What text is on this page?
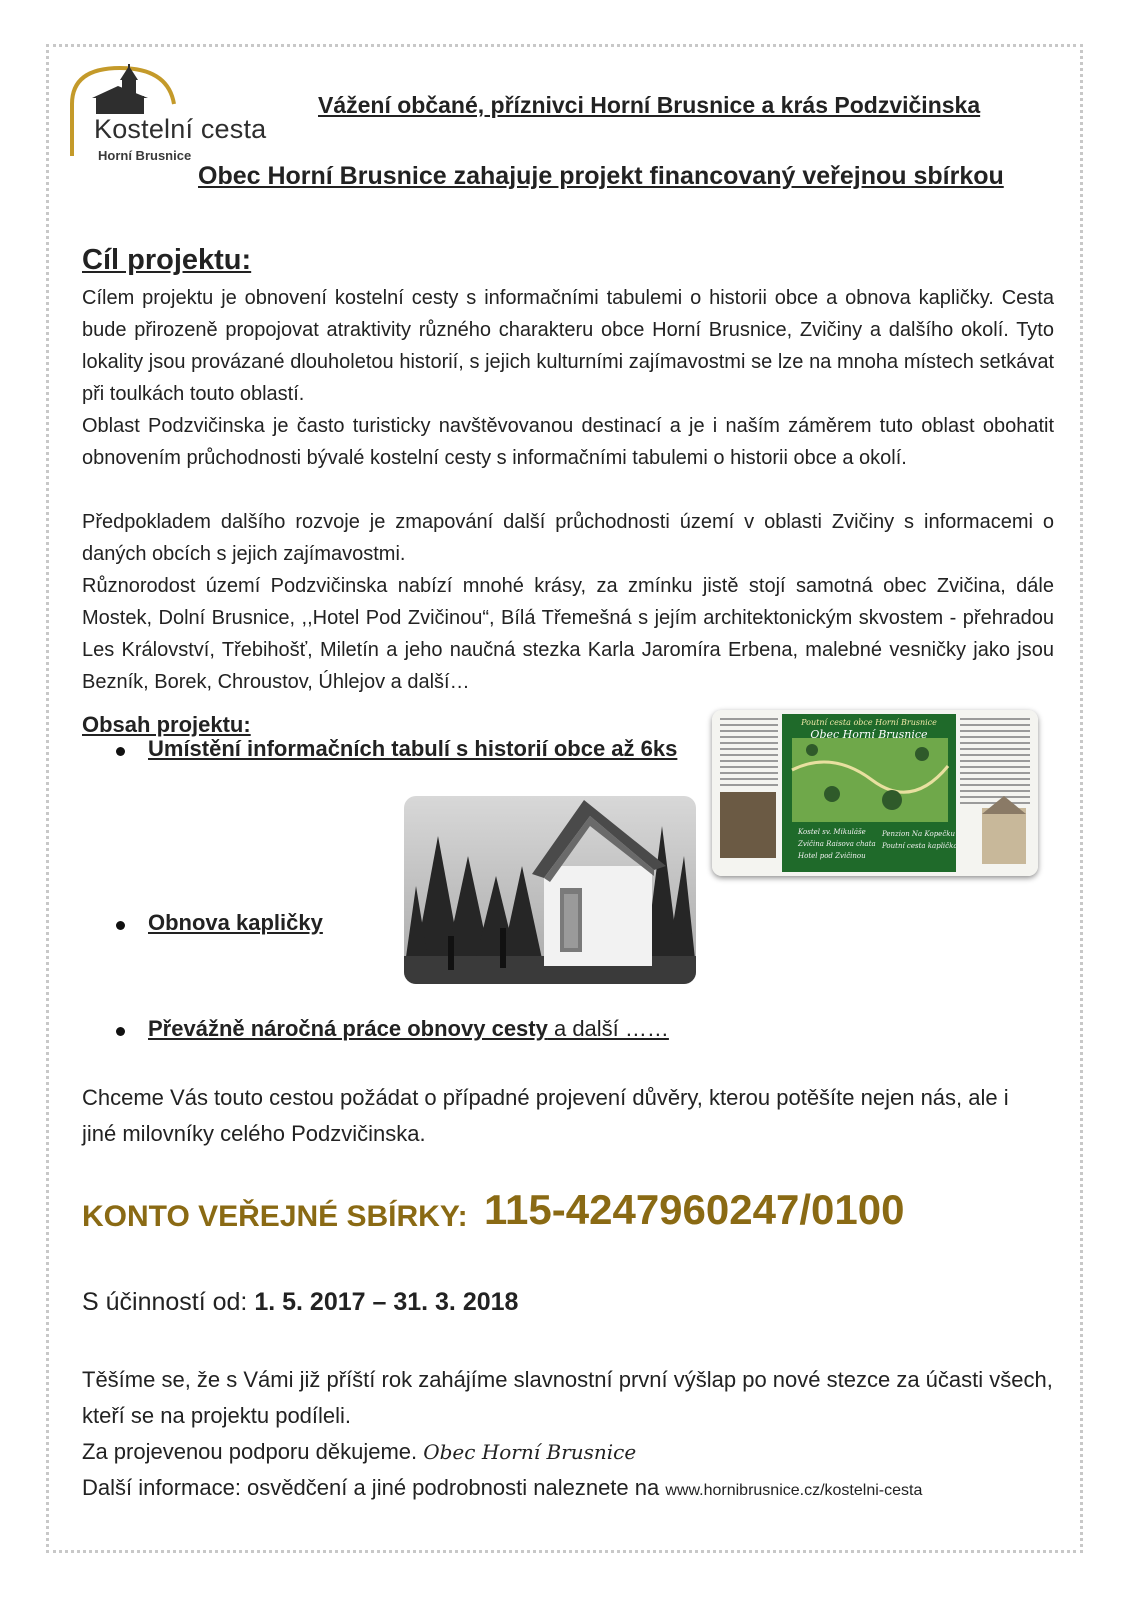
Kostelní cesta
Horní Brusnice
Vážení občané, příznivci Horní Brusnice a krás Podzvičinska
Obec Horní Brusnice zahajuje projekt financovaný veřejnou sbírkou
Cíl projektu:
Cílem projektu je obnovení kostelní cesty s informačními tabulemi o historii obce a obnova kapličky. Cesta bude přirozeně propojovat atraktivity různého charakteru obce Horní Brusnice, Zvičiny a dalšího okolí. Tyto lokality jsou provázané dlouholetou historií, s jejich kulturními zajímavostmi se lze na mnoha místech setkávat při toulkách touto oblastí.
Oblast Podzvičinska je často turisticky navštěvovanou destinací a je i naším záměrem tuto oblast obohatit obnovením průchodnosti bývalé kostelní cesty s informačními tabulemi o historii obce a okolí.
Předpokladem dalšího rozvoje je zmapování další průchodnosti území v oblasti Zvičiny s informacemi o daných obcích s jejich zajímavostmi.
Různorodost území Podzvičinska nabízí mnohé krásy, za zmínku jistě stojí samotná obec Zvičina, dále Mostek, Dolní Brusnice, ,,Hotel Pod Zvičinou“, Bílá Třemešná s jejím architektonickým skvostem - přehradou Les Království, Třebihošť, Miletín a jeho naučná stezka Karla Jaromíra Erbena, malebné vesničky jako jsou Bezník, Borek, Chroustov, Úhlejov a další…
Obsah projektu:
Umístění informačních tabulí s historií obce až 6ks
Obnova kapličky
Převážně náročná práce obnovy cesty a další ……
Poutní cesta obce Horní Brusnice
Obec Horní Brusnice
Kostel sv. Mikuláše
Zvičina Raisova chata
Hotel pod Zvičinou
Penzion Na Kopečku
Poutní cesta kaplička
Chceme Vás touto cestou požádat o případné projevení důvěry, kterou potěšíte nejen nás, ale i jiné milovníky celého Podzvičinska.
KONTO VEŘEJNÉ SBÍRKY: 115-4247960247/0100
S účinností od: 1. 5. 2017 – 31. 3. 2018
Těšíme se, že s Vámi již příští rok zahájíme slavnostní první výšlap po nové stezce za účasti všech, kteří se na projektu podíleli.
Za projevenou podporu děkujeme. Obec Horní Brusnice
Další informace: osvědčení a jiné podrobnosti naleznete na www.hornibrusnice.cz/kostelni-cesta
